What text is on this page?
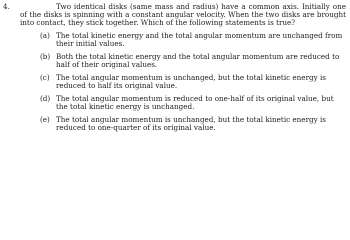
4.	Two identical disks (same mass and radius) have a common axis. Initially one of the disks is spinning with a constant angular velocity. When the two disks are brought into contact, they stick together. Which of the following statements is true?
(a) The total kinetic energy and the total angular momentum are unchanged from their initial values.
(b) Both the total kinetic energy and the total angular momentum are reduced to half of their original values.
(c) The total angular momentum is unchanged, but the total kinetic energy is reduced to half its original value.
(d) The total angular momentum is reduced to one-half of its original value, but the total kinetic energy is unchanged.
(e) The total angular momentum is unchanged, but the total kinetic energy is reduced to one-quarter of its original value.
